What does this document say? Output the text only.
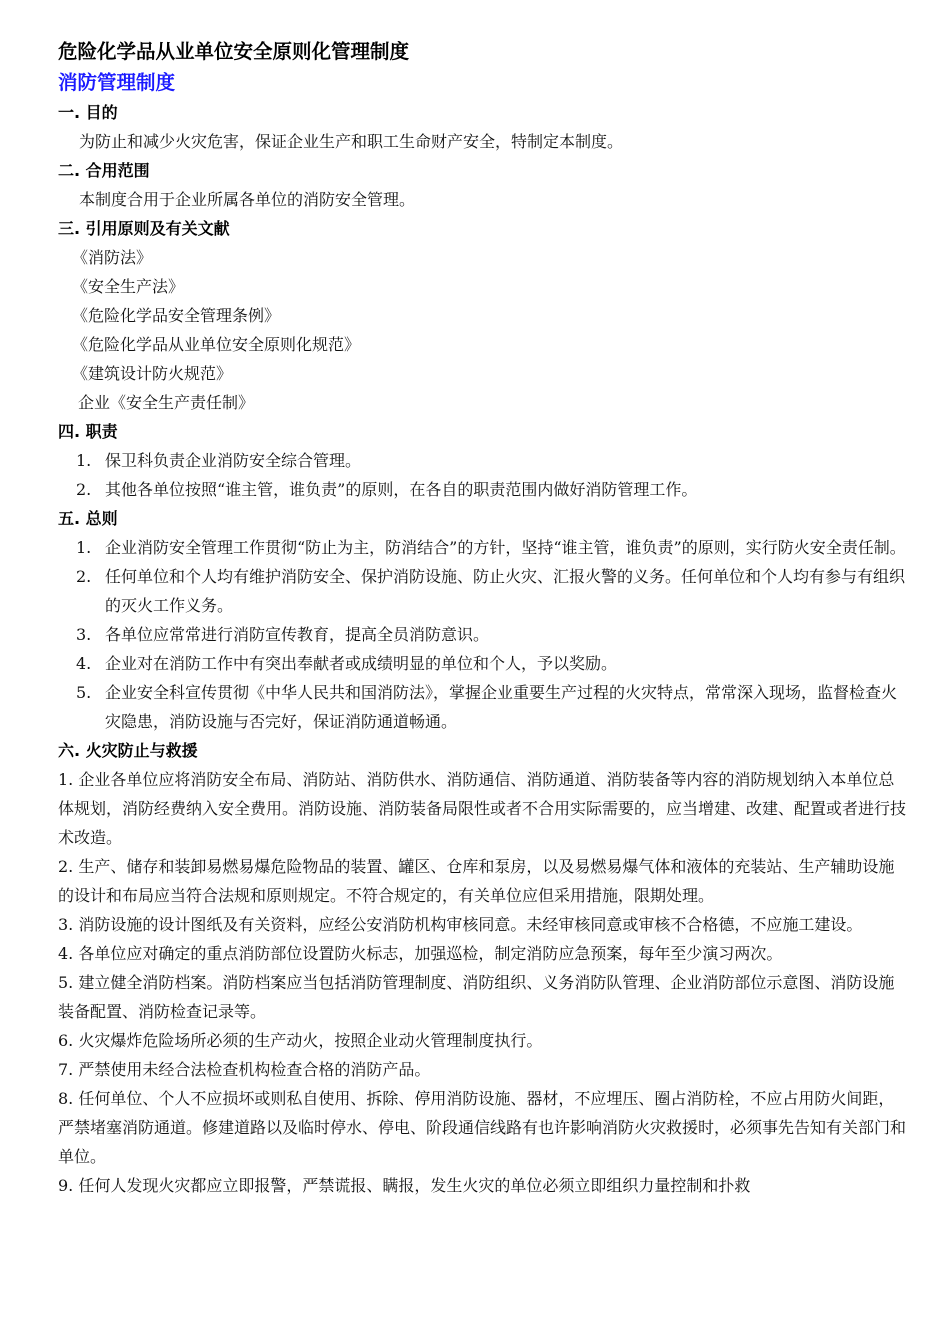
危险化学品从业单位安全原则化管理制度
消防管理制度
一. 目的
为防止和减少火灾危害，保证企业生产和职工生命财产安全，特制定本制度。
二. 合用范围
本制度合用于企业所属各单位的消防安全管理。
三. 引用原则及有关文献
《消防法》
《安全生产法》
《危险化学品安全管理条例》
《危险化学品从业单位安全原则化规范》
《建筑设计防火规范》
企业《安全生产责任制》
四. 职责
1. 保卫科负责企业消防安全综合管理。
2. 其他各单位按照“谁主管，谁负责”的原则，在各自的职责范围内做好消防管理工作。
五. 总则
1. 企业消防安全管理工作贯彻“防止为主，防消结合”的方针，坚持“谁主管，谁负责”的原则，实行防火安全责任制。
2. 任何单位和个人均有维护消防安全、保护消防设施、防止火灾、汇报火警的义务。任何单位和个人均有参与有组织的灭火工作义务。
3. 各单位应常常进行消防宣传教育，提高全员消防意识。
4. 企业对在消防工作中有突出奉献者或成绩明显的单位和个人，予以奖励。
5. 企业安全科宣传贯彻《中华人民共和国消防法》，掌握企业重要生产过程的火灾特点，常常深入现场，监督检查火灾隐患，消防设施与否完好，保证消防通道畅通。
六. 火灾防止与救援
1. 企业各单位应将消防安全布局、消防站、消防供水、消防通信、消防通道、消防装备等内容的消防规划纳入本单位总体规划，消防经费纳入安全费用。消防设施、消防装备局限性或者不合用实际需要的，应当增建、改建、配置或者进行技术改造。
2. 生产、储存和装卸易燃易爆危险物品的装置、罐区、仓库和泵房，以及易燃易爆气体和液体的充装站、生产辅助设施的设计和布局应当符合法规和原则规定。不符合规定的，有关单位应但采用措施，限期处理。
3. 消防设施的设计图纸及有关资料，应经公安消防机构审核同意。未经审核同意或审核不合格德，不应施工建设。
4. 各单位应对确定的重点消防部位设置防火标志，加强巡检，制定消防应急预案，每年至少演习两次。
5. 建立健全消防档案。消防档案应当包括消防管理制度、消防组织、义务消防队管理、企业消防部位示意图、消防设施装备配置、消防检查记录等。
6. 火灾爆炸危险场所必须的生产动火，按照企业动火管理制度执行。
7. 严禁使用未经合法检查机构检查合格的消防产品。
8. 任何单位、个人不应损坏或则私自使用、拆除、停用消防设施、器材，不应埋压、圈占消防栓，不应占用防火间距，严禁堵塞消防通道。修建道路以及临时停水、停电、阶段通信线路有也许影响消防火灾救援时，必须事先告知有关部门和单位。
9. 任何人发现火灾都应立即报警，严禁谎报、瞒报，发生火灾的单位必须立即组织力量控制和扑救
